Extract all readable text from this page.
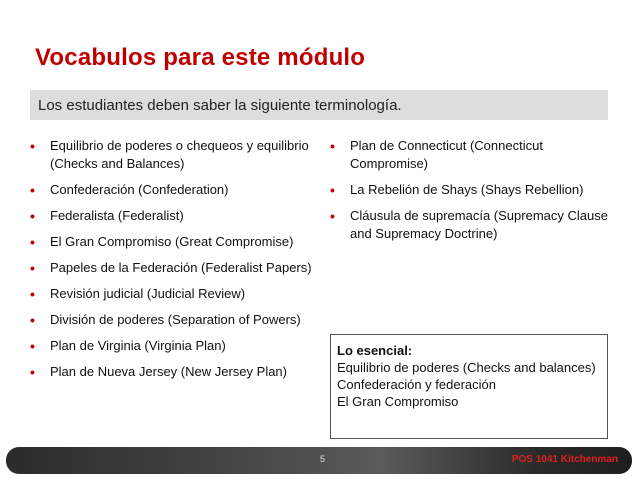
Vocabulos para este módulo
Los estudiantes deben saber la siguiente terminología.
• Equilibrio de poderes o chequeos y equilibrio (Checks and Balances)
• Confederación (Confederation)
• Federalista (Federalist)
• El Gran Compromiso (Great Compromise)
• Papeles de la Federación (Federalist Papers)
• Revisión judicial (Judicial Review)
• División de poderes (Separation of Powers)
• Plan de Virginia (Virginia Plan)
• Plan de Nueva Jersey (New Jersey Plan)
• Plan de Connecticut (Connecticut Compromise)
• La Rebelión de Shays (Shays Rebellion)
• Cláusula de supremacía (Supremacy Clause and Supremacy Doctrine)
Lo esencial:
Equilibrio de poderes (Checks and balances)
Confederación y federación
El Gran Compromiso
5	POS 1041 Kitchenman
